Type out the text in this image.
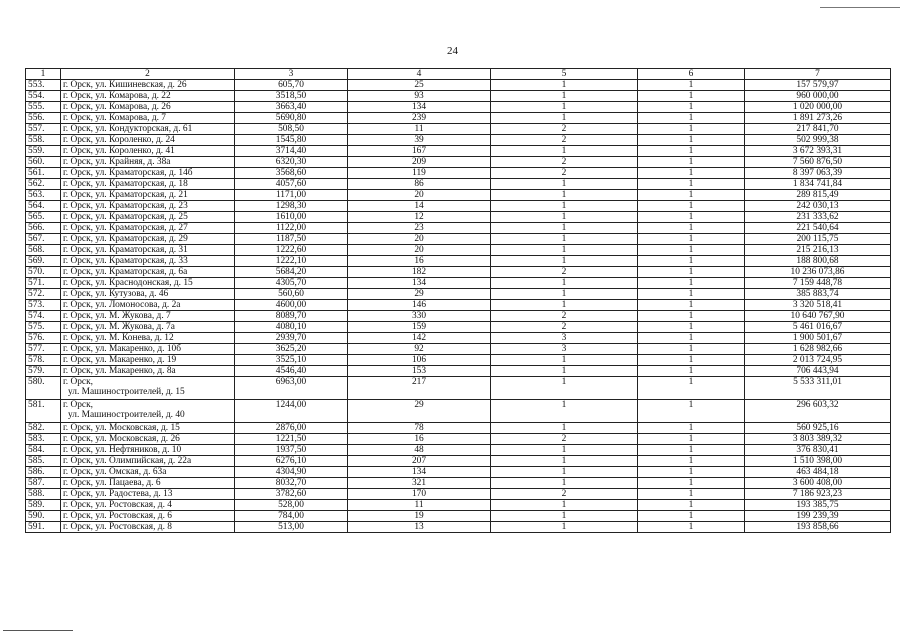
24
1	2	3	4	5	6	7
553.	г. Орск, ул. Кишиневская, д. 26	605,70	25	1	1	157 579,97
554.	г. Орск, ул. Комарова, д. 22	3518,50	93	1	1	960 000,00
555.	г. Орск, ул. Комарова, д. 26	3663,40	134	1	1	1 020 000,00
556.	г. Орск, ул. Комарова, д. 7	5690,80	239	1	1	1 891 273,26
557.	г. Орск, ул. Кондукторская, д. 61	508,50	11	2	1	217 841,70
558.	г. Орск, ул. Короленко, д. 24	1545,80	39	2	1	502 999,38
559.	г. Орск, ул. Короленко, д. 41	3714,40	167	1	1	3 672 393,31
560.	г. Орск, ул. Крайняя, д. 38а	6320,30	209	2	1	7 560 876,50
561.	г. Орск, ул. Краматорская, д. 14б	3568,60	119	2	1	8 397 063,39
562.	г. Орск, ул. Краматорская, д. 18	4057,60	86	1	1	1 834 741,84
563.	г. Орск, ул. Краматорская, д. 21	1171,00	20	1	1	289 815,49
564.	г. Орск, ул. Краматорская, д. 23	1298,30	14	1	1	242 030,13
565.	г. Орск, ул. Краматорская, д. 25	1610,00	12	1	1	231 333,62
566.	г. Орск, ул. Краматорская, д. 27	1122,00	23	1	1	221 540,64
567.	г. Орск, ул. Краматорская, д. 29	1187,50	20	1	1	200 115,75
568.	г. Орск, ул. Краматорская, д. 31	1222,60	20	1	1	215 216,13
569.	г. Орск, ул. Краматорская, д. 33	1222,10	16	1	1	188 800,68
570.	г. Орск, ул. Краматорская, д. 6а	5684,20	182	2	1	10 236 073,86
571.	г. Орск, ул. Краснодонская, д. 15	4305,70	134	1	1	7 159 448,78
572.	г. Орск, ул. Кутузова, д. 46	560,60	29	1	1	385 883,74
573.	г. Орск, ул. Ломоносова, д. 2а	4600,00	146	1	1	3 320 518,41
574.	г. Орск, ул. М. Жукова, д. 7	8089,70	330	2	1	10 640 767,90
575.	г. Орск, ул. М. Жукова, д. 7а	4080,10	159	2	1	5 461 016,67
576.	г. Орск, ул. М. Конева, д. 12	2939,70	142	3	1	1 900 501,67
577.	г. Орск, ул. Макаренко, д. 10б	3625,20	92	3	1	1 628 982,66
578.	г. Орск, ул. Макаренко, д. 19	3525,10	106	1	1	2 013 724,95
579.	г. Орск, ул. Макаренко, д. 8а	4546,40	153	1	1	706 443,94
580.	г. Орск,
ул. Машиностроителей, д. 15	6963,00	217	1	1	5 533 311,01
581.	г. Орск,
ул. Машиностроителей, д. 40	1244,00	29	1	1	296 603,32
582.	г. Орск, ул. Московская, д. 15	2876,00	78	1	1	560 925,16
583.	г. Орск, ул. Московская, д. 26	1221,50	16	2	1	3 803 389,32
584.	г. Орск, ул. Нефтяников, д. 10	1937,50	48	1	1	376 830,41
585.	г. Орск, ул. Олимпийская, д. 22а	6276,10	207	1	1	1 510 398,00
586.	г. Орск, ул. Омская, д. 63а	4304,90	134	1	1	463 484,18
587.	г. Орск, ул. Пацаева, д. 6	8032,70	321	1	1	3 600 408,00
588.	г. Орск, ул. Радостева, д. 13	3782,60	170	2	1	7 186 923,23
589.	г. Орск, ул. Ростовская, д. 4	528,00	11	1	1	193 385,75
590.	г. Орск, ул. Ростовская, д. 6	784,00	19	1	1	199 239,39
591.	г. Орск, ул. Ростовская, д. 8	513,00	13	1	1	193 858,66
